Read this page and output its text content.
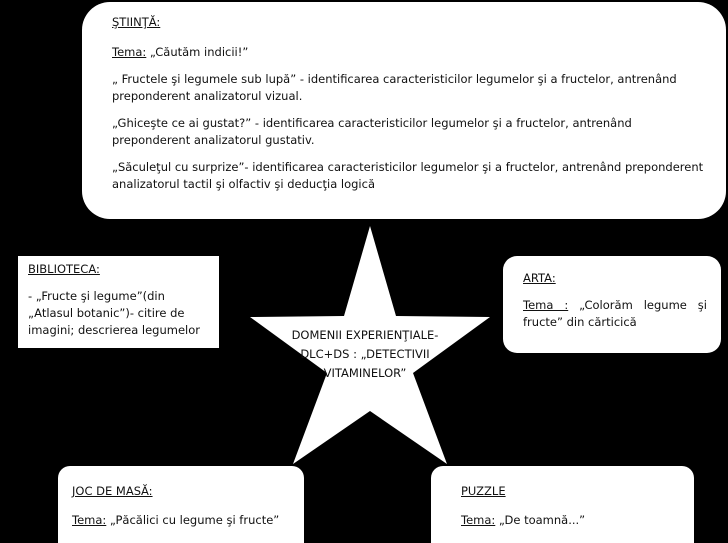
ŞTIINŢĂ:

Tema: „Căutăm indicii!”

„ Fructele şi legumele sub lupă” - identificarea caracteristicilor legumelor şi a fructelor, antrenând preponderent analizatorul vizual.

„Ghiceşte ce ai gustat?” - identificarea caracteristicilor legumelor şi a fructelor, antrenând preponderent analizatorul gustativ.

„Săculeţul cu surprize”- identificarea caracteristicilor legumelor şi a fructelor, antrenând preponderent analizatorul tactil şi olfactiv şi deducţia logică

BIBLIOTECA:

- „Fructe şi legume”(din „Atlasul botanic”)- citire de imagini; descrierea legumelor

ARTA:

Tema : „Colorăm legume şi fructe” din cărticică

DOMENII EXPERIENŢIALE-
DLC+DS : „DETECTIVII
VITAMINELOR”

JOC DE MASĂ:

Tema: „Păcălici cu legume şi fructe”

PUZZLE

Tema: „De toamnă...”
